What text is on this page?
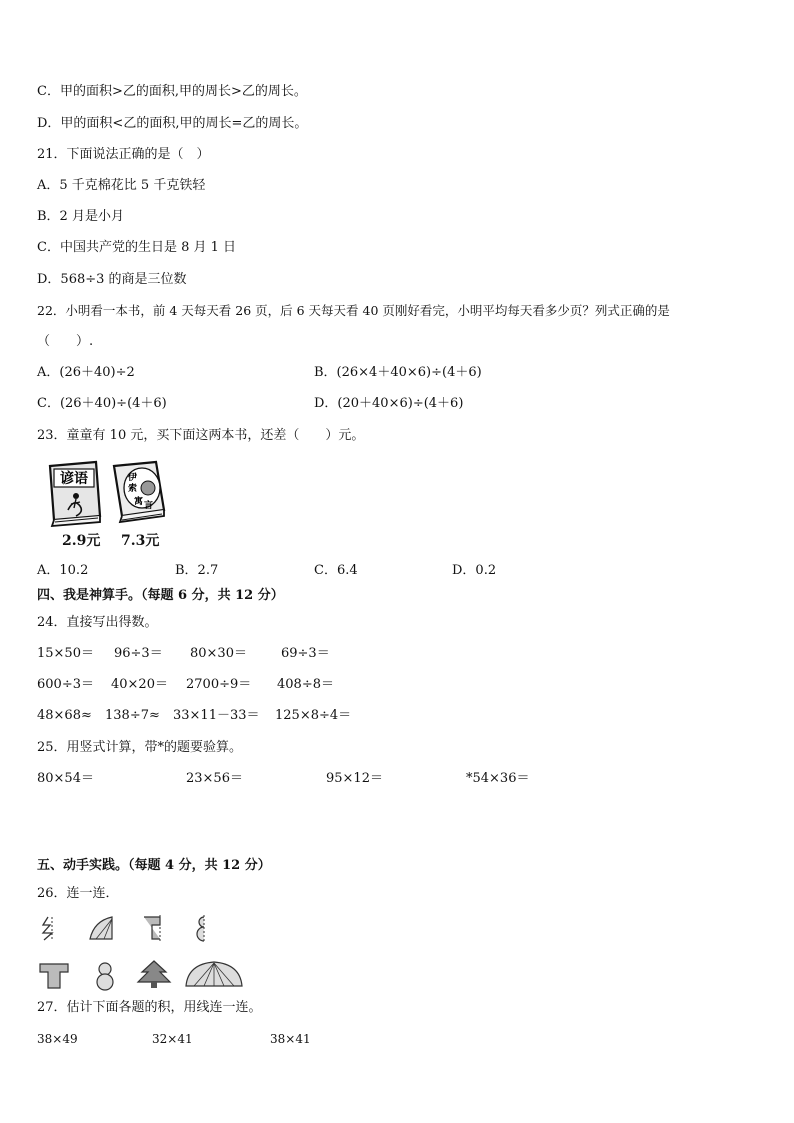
C．甲的面积>乙的面积,甲的周长>乙的周长。
D．甲的面积<乙的面积,甲的周长=乙的周长。
21．下面说法正确的是（　）
A．5 千克棉花比 5 千克铁轻
B．2 月是小月
C．中国共产党的生日是 8 月 1 日
D．568÷3 的商是三位数
22．小明看一本书，前 4 天每天看 26 页，后 6 天每天看 40 页刚好看完，小明平均每天看多少页？列式正确的是
（　　）.
A．(26＋40)÷2	B．(26×4＋40×6)÷(4＋6)
C．(26＋40)÷(4＋6)	D．(20＋40×6)÷(4＋6)
23．童童有 10 元，买下面这两本书，还差（　　）元。
谚语	伊
索
寓 言
2.9元 7.3元
A．10.2	B．2.7	C．6.4	D．0.2
四、我是神算手。（每题 6 分，共 12 分）
24．直接写出得数。
15×50＝ 96÷3＝ 80×30＝	69÷3＝
600÷3＝ 40×20＝ 2700÷9＝ 408÷8＝
48×68≈ 138÷7≈ 33×11－33＝ 125×8÷4＝
25．用竖式计算，带*的题要验算。
80×54＝	23×56＝	95×12＝	*54×36＝
五、动手实践。（每题 4 分，共 12 分）
26．连一连．
27．估计下面各题的积，用线连一连。
38×49	32×41	38×41
